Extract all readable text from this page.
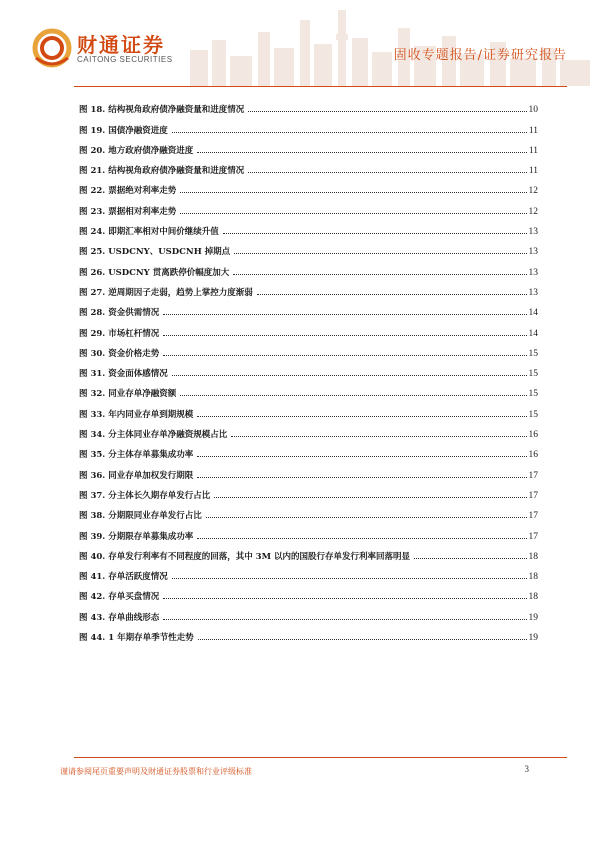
财通证券
CAITONG SECURITIES	固收专题报告/证券研究报告
图 18. 结构视角政府债净融资量和进度情况	10
图 19. 国债净融资进度	11
图 20. 地方政府债净融资进度	11
图 21. 结构视角政府债净融资量和进度情况	11
图 22. 票据绝对利率走势	12
图 23. 票据相对利率走势	12
图 24. 即期汇率相对中间价继续升值	13
图 25. USDCNY、USDCNH 掉期点	13
图 26. USDCNY 贯离跌停价幅度加大	13
图 27. 逆周期因子走弱，趋势上掌控力度渐弱	13
图 28. 资金供需情况	14
图 29. 市场杠杆情况	14
图 30. 资金价格走势	15
图 31. 资金面体感情况	15
图 32. 同业存单净融资额	15
图 33. 年内同业存单到期规模	15
图 34. 分主体同业存单净融资规模占比	16
图 35. 分主体存单募集成功率	16
图 36. 同业存单加权发行期限	17
图 37. 分主体长久期存单发行占比	17
图 38. 分期限同业存单发行占比	17
图 39. 分期限存单募集成功率	17
图 40. 存单发行利率有不同程度的回落，其中 3M 以内的国股行存单发行利率回落明显	18
图 41. 存单活跃度情况	18
图 42. 存单买盘情况	18
图 43. 存单曲线形态	19
图 44. 1 年期存单季节性走势	19
谨请参阅尾页重要声明及财通证券股票和行业评级标准	3
